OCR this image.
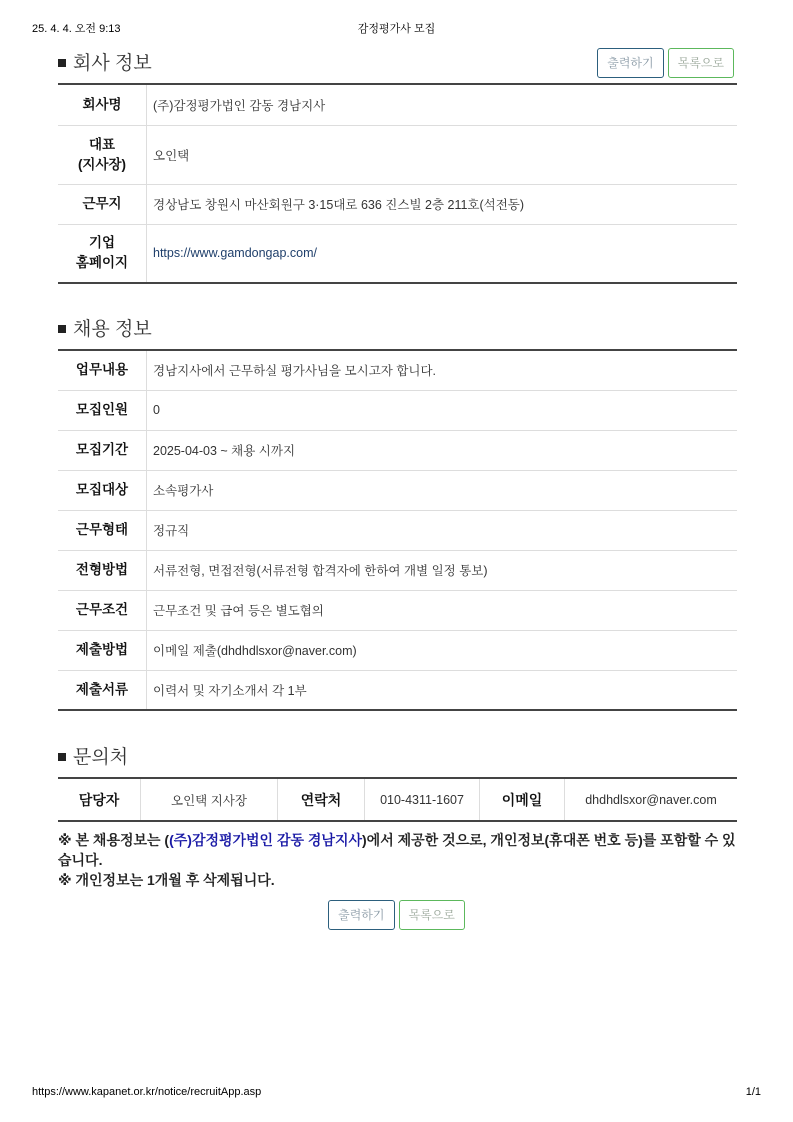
25. 4. 4. 오전 9:13	감정평가사 모집
회사 정보	출력하기	목록으로
회사명	(주)감정평가법인 감동 경남지사
대표
(지사장)	오인택
근무지	경상남도 창원시 마산회원구 3·15대로 636 진스빌 2층 211호(석전동)
기업
홈페이지	https://www.gamdongap.com/
채용 정보
업무내용	경남지사에서 근무하실 평가사님을 모시고자 합니다.
모집인원	0
모집기간	2025-04-03 ~ 채용 시까지
모집대상	소속평가사
근무형태	정규직
전형방법	서류전형, 면접전형(서류전형 합격자에 한하여 개별 일정 통보)
근무조건	근무조건 및 급여 등은 별도협의
제출방법	이메일 제출(dhdhdlsxor@naver.com)
제출서류	이력서 및 자기소개서 각 1부
문의처
담당자	오인택 지사장	연락처	010-4311-1607	이메일	dhdhdlsxor@naver.com
※ 본 채용정보는 ((주)감정평가법인 감동 경남지사)에서 제공한 것으로, 개인정보(휴대폰 번호 등)를 포함할 수 있습니다.
※ 개인정보는 1개월 후 삭제됩니다.
출력하기	목록으로
https://www.kapanet.or.kr/notice/recruitApp.asp	1/1
